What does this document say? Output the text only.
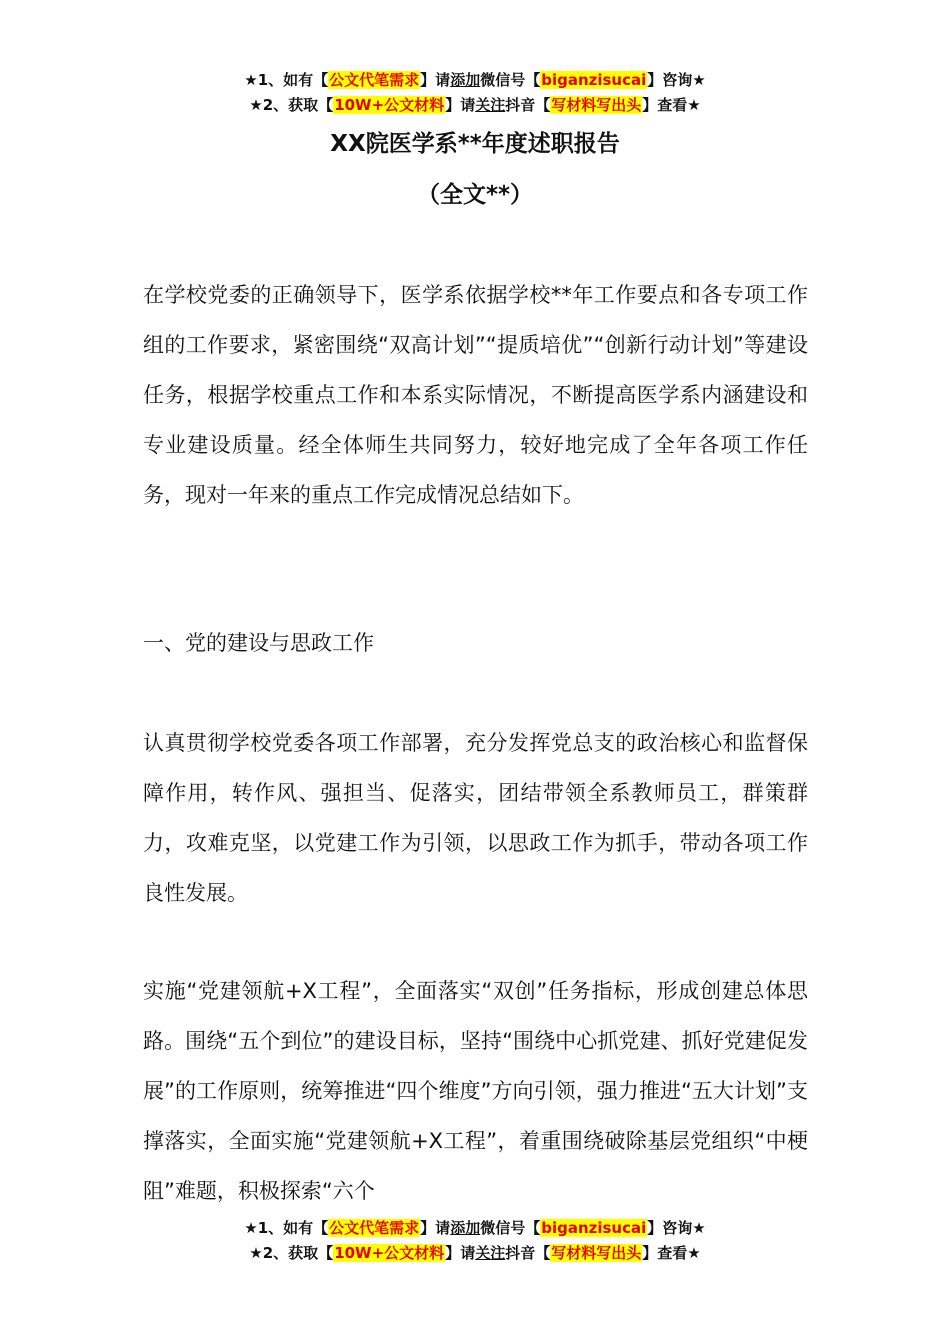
★1、如有【公文代笔需求】请添加微信号【biganzisucai】咨询★
★2、获取【10W+公文材料】请关注抖音【写材料写出头】查看★
XX院医学系**年度述职报告
（全文**）

在学校党委的正确领导下，医学系依据学校**年工作要点和各专项工作组的工作要求，紧密围绕“双高计划”“提质培优”“创新行动计划”等建设任务，根据学校重点工作和本系实际情况，不断提高医学系内涵建设和专业建设质量。经全体师生共同努力，较好地完成了全年各项工作任务，现对一年来的重点工作完成情况总结如下。

一、党的建设与思政工作

认真贯彻学校党委各项工作部署，充分发挥党总支的政治核心和监督保障作用，转作风、强担当、促落实，团结带领全系教师员工，群策群力，攻难克坚，以党建工作为引领，以思政工作为抓手，带动各项工作良性发展。

实施“党建领航+X工程”，全面落实“双创”任务指标，形成创建总体思路。围绕“五个到位”的建设目标，坚持“围绕中心抓党建、抓好党建促发展”的工作原则，统筹推进“四个维度”方向引领，强力推进“五大计划”支撑落实，全面实施“党建领航+X工程”，着重围绕破除基层党组织“中梗阻”难题，积极探索“六个

★1、如有【公文代笔需求】请添加微信号【biganzisucai】咨询★
★2、获取【10W+公文材料】请关注抖音【写材料写出头】查看★
